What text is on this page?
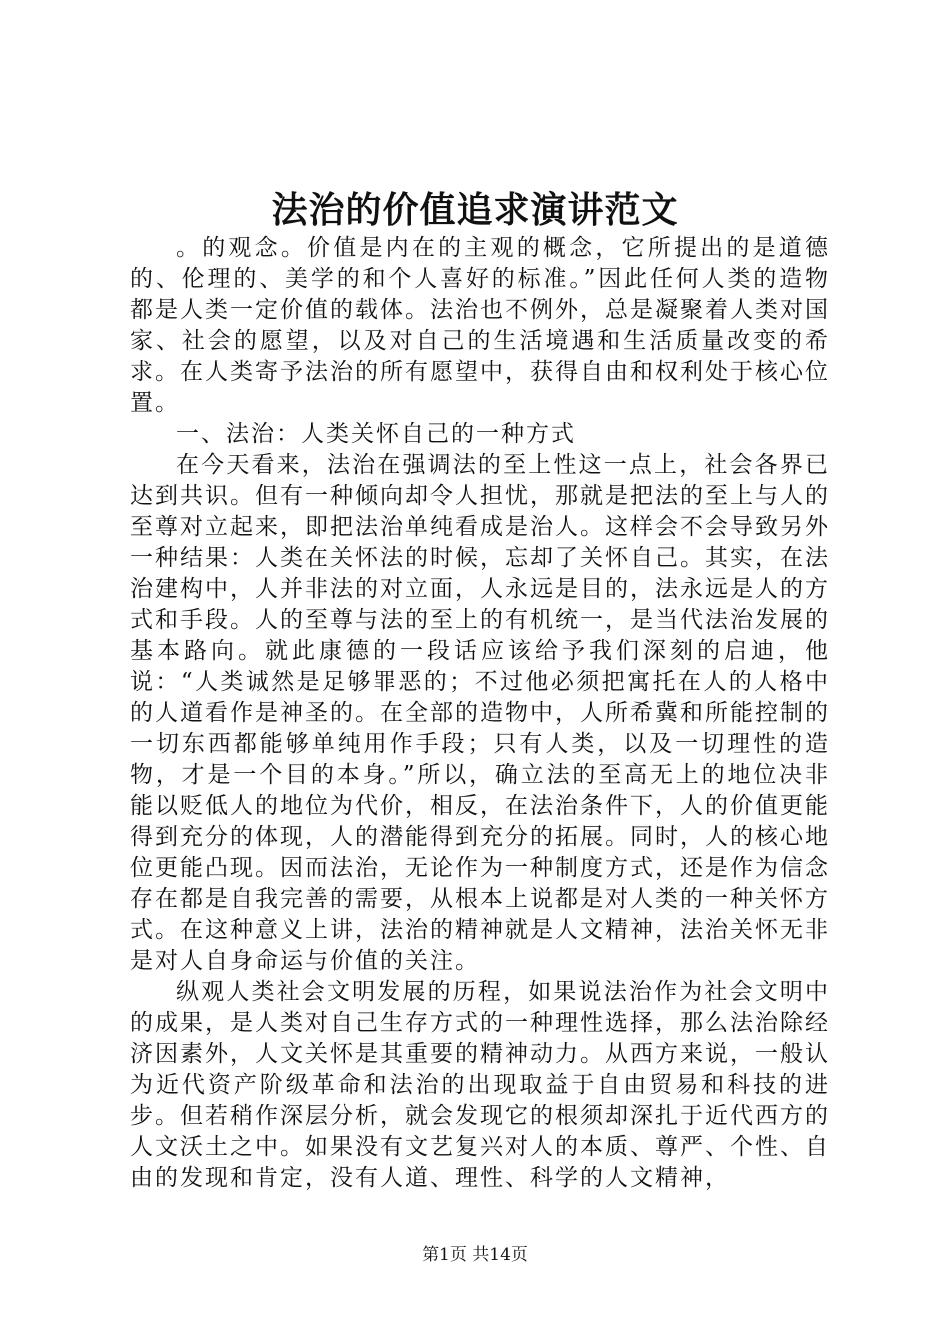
法治的价值追求演讲范文

。的观念。价值是内在的主观的概念，它所提出的是道德的、伦理的、美学的和个人喜好的标准。”因此任何人类的造物都是人类一定价值的载体。法治也不例外，总是凝聚着人类对国家、社会的愿望，以及对自己的生活境遇和生活质量改变的希求。在人类寄予法治的所有愿望中，获得自由和权利处于核心位置。

一、法治：人类关怀自己的一种方式

在今天看来，法治在强调法的至上性这一点上，社会各界已达到共识。但有一种倾向却令人担忧，那就是把法的至上与人的至尊对立起来，即把法治单纯看成是治人。这样会不会导致另外一种结果：人类在关怀法的时候，忘却了关怀自己。其实，在法治建构中，人并非法的对立面，人永远是目的，法永远是人的方式和手段。人的至尊与法的至上的有机统一，是当代法治发展的基本路向。就此康德的一段话应该给予我们深刻的启迪，他说：“人类诚然是足够罪恶的；不过他必须把寓托在人的人格中的人道看作是神圣的。在全部的造物中，人所希冀和所能控制的一切东西都能够单纯用作手段；只有人类，以及一切理性的造物，才是一个目的本身。”所以，确立法的至高无上的地位决非能以贬低人的地位为代价，相反，在法治条件下，人的价值更能得到充分的体现，人的潜能得到充分的拓展。同时，人的核心地位更能凸现。因而法治，无论作为一种制度方式，还是作为信念存在都是自我完善的需要，从根本上说都是对人类的一种关怀方式。在这种意义上讲，法治的精神就是人文精神，法治关怀无非是对人自身命运与价值的关注。

纵观人类社会文明发展的历程，如果说法治作为社会文明中的成果，是人类对自己生存方式的一种理性选择，那么法治除经济因素外，人文关怀是其重要的精神动力。从西方来说，一般认为近代资产阶级革命和法治的出现取益于自由贸易和科技的进步。但若稍作深层分析，就会发现它的根须却深扎于近代西方的人文沃土之中。如果没有文艺复兴对人的本质、尊严、个性、自由的发现和肯定，没有人道、理性、科学的人文精神，

第1页 共14页
